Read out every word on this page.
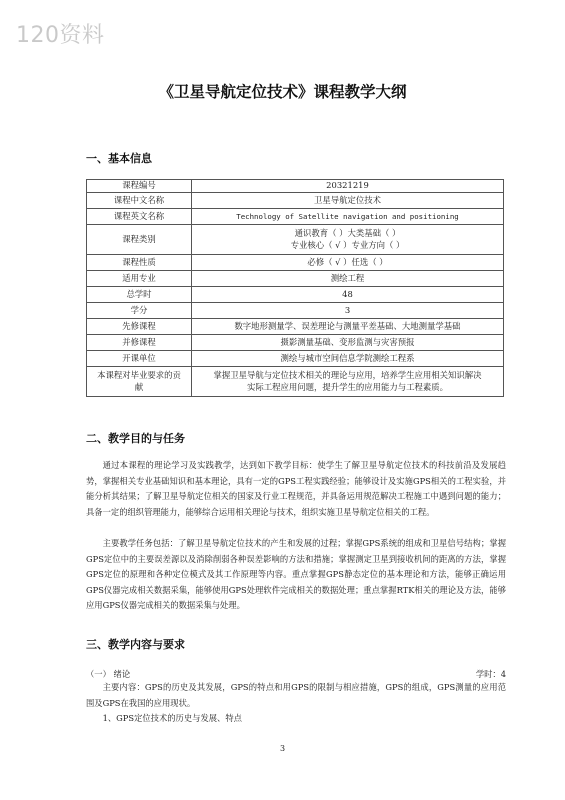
120资料
《卫星导航定位技术》课程教学大纲
一、基本信息
课程编号	20321219
课程中文名称	卫星导航定位技术
课程英文名称	Technology of Satellite navigation and positioning
课程类别	通识教育（ ）大类基础（ ）
专业核心（ √ ）专业方向（ ）

课程性质	必修（ √ ）任选（ ）
适用专业	测绘工程
总学时	48
学分	3
先修课程	数字地形测量学、误差理论与测量平差基础、大地测量学基础
并修课程	摄影测量基础、变形监测与灾害预报
开课单位	测绘与城市空间信息学院测绘工程系

本课程对毕业要求的贡
献	掌握卫星导航与定位技术相关的理论与应用，培养学生应用相关知识解决
实际工程应用问题，提升学生的应用能力与工程素质。
二、教学目的与任务
通过本课程的理论学习及实践教学，达到如下教学目标：使学生了解卫星导航定位技术的科技前沿及发展趋势，掌握相关专业基础知识和基本理论，具有一定的GPS工程实践经验；能够设计及实施GPS相关的工程实验，并能分析其结果；了解卫星导航定位相关的国家及行业工程规范，并具备运用规范解决工程施工中遇到问题的能力；具备一定的组织管理能力，能够综合运用相关理论与技术，组织实施卫星导航定位相关的工程。
主要教学任务包括：了解卫星导航定位技术的产生和发展的过程；掌握GPS系统的组成和卫星信号结构；掌握GPS定位中的主要误差源以及消除削弱各种误差影响的方法和措施；掌握测定卫星到接收机间的距离的方法，掌握GPS定位的原理和各种定位模式及其工作原理等内容。重点掌握GPS静态定位的基本理论和方法，能够正确运用GPS仪器完成相关数据采集，能够使用GPS处理软件完成相关的数据处理；重点掌握RTK相关的理论及方法，能够应用GPS仪器完成相关的数据采集与处理。
三、教学内容与要求
（一） 绪论	学时：4
主要内容：GPS的历史及其发展，GPS的特点和用GPS的限制与相应措施，GPS的组成，GPS测量的应用范围及GPS在我国的应用现状。
1、GPS定位技术的历史与发展、特点
3
